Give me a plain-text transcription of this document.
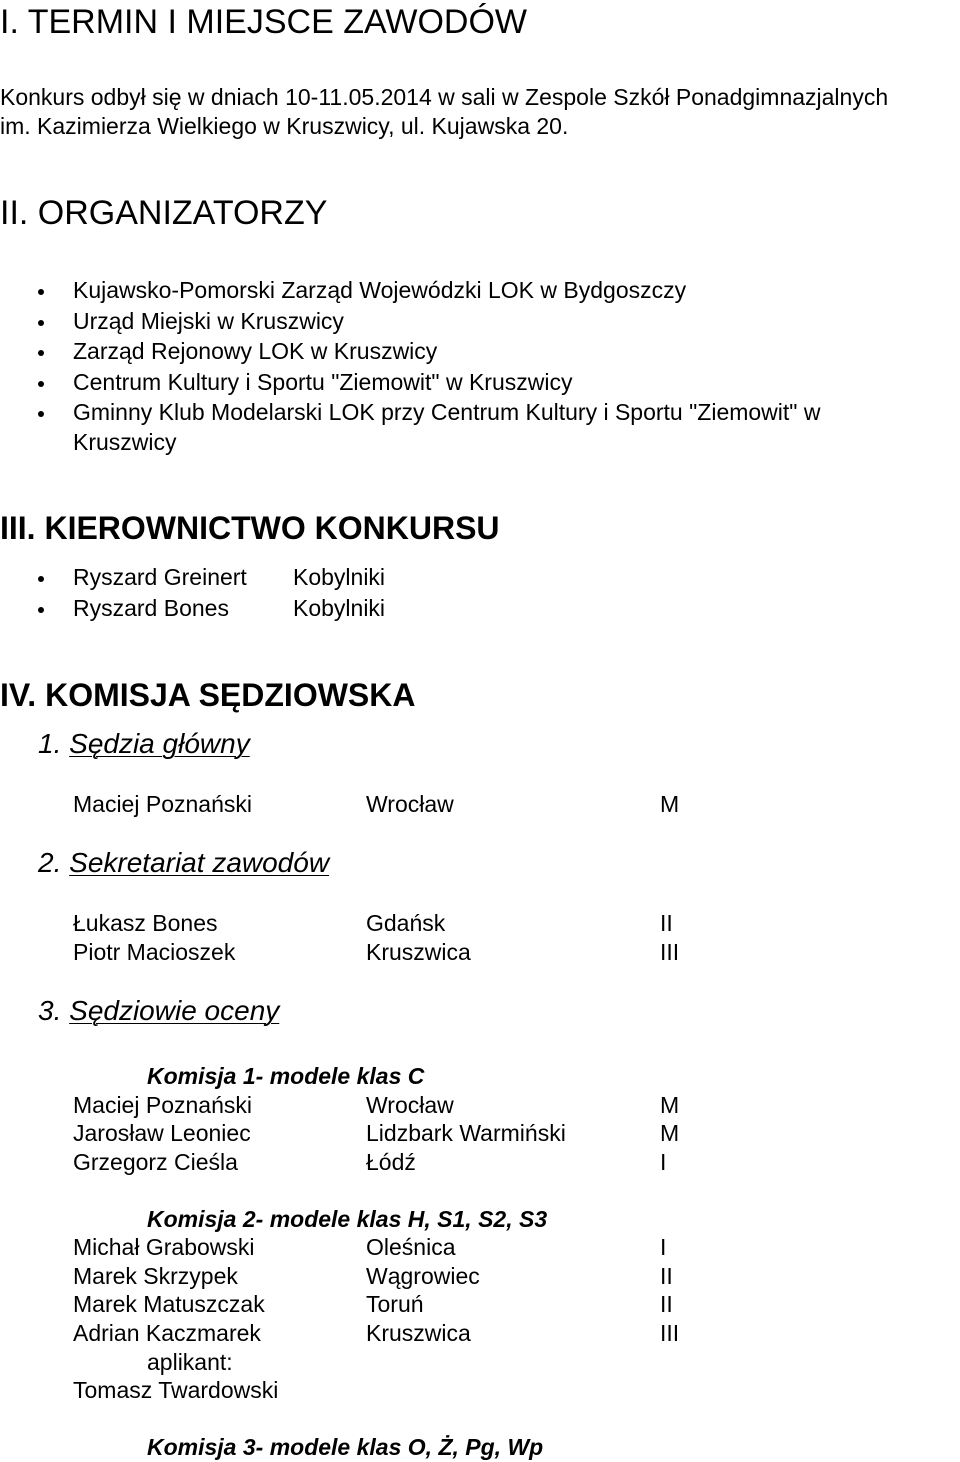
I. TERMIN I MIEJSCE ZAWODÓW
Konkurs odbył się w dniach 10-11.05.2014 w sali w Zespole Szkół Ponadgimnazjalnych
im. Kazimierza Wielkiego w Kruszwicy, ul. Kujawska 20.
II. ORGANIZATORZY
Kujawsko-Pomorski Zarząd Wojewódzki LOK w Bydgoszczy
Urząd Miejski w Kruszwicy
Zarząd Rejonowy LOK w Kruszwicy
Centrum Kultury i Sportu "Ziemowit" w Kruszwicy
Gminny Klub Modelarski LOK przy Centrum Kultury i Sportu "Ziemowit" w
Kruszwicy
III. KIEROWNICTWO KONKURSU
Ryszard Greinert Kobylniki
Ryszard Bones	Kobylniki
IV. KOMISJA SĘDZIOWSKA
1. Sędzia główny
Maciej Poznański	Wrocław	M
2. Sekretariat zawodów
Łukasz Bones	Gdańsk	II
Piotr Macioszek	Kruszwica	III
3. Sędziowie oceny
Komisja 1- modele klas C
Maciej Poznański	Wrocław	M
Jarosław Leoniec	Lidzbark Warmiński	M
Grzegorz Cieśla	Łódź	I
Komisja 2- modele klas H, S1, S2, S3
Michał Grabowski	Oleśnica	I
Marek Skrzypek	Wągrowiec	II
Marek Matuszczak	Toruń	II
Adrian Kaczmarek	Kruszwica	III
aplikant:
Tomasz Twardowski
Komisja 3- modele klas O, Ż, Pg, Wp
